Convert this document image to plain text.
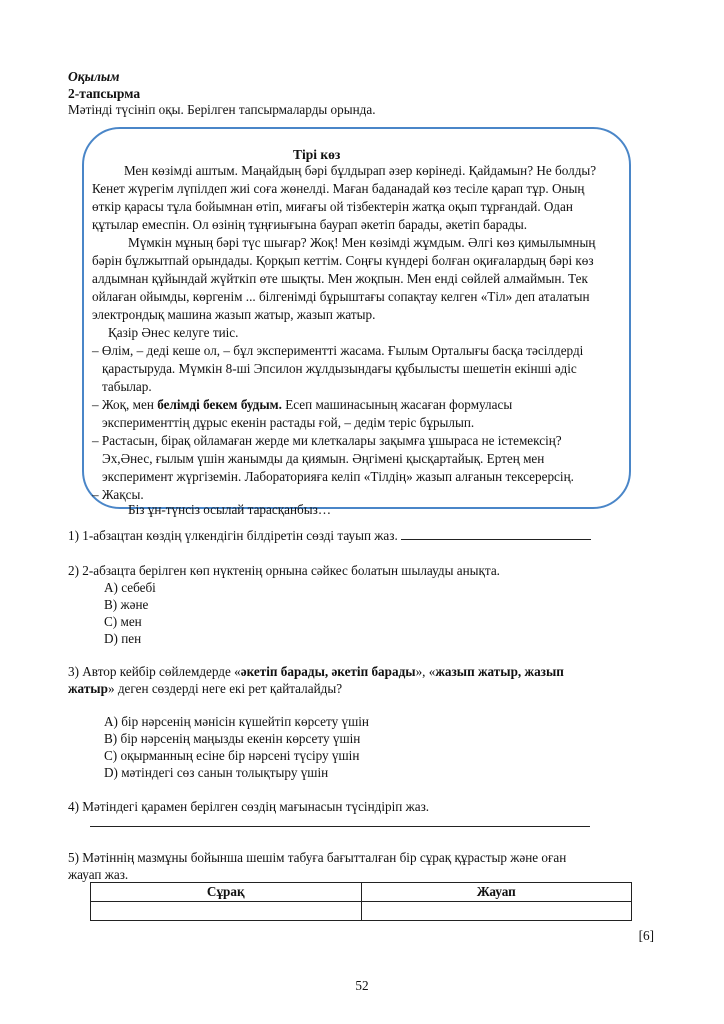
Оқылым
2-тапсырма
Мәтінді түсініп оқы. Берілген тапсырмаларды орында.
Тірі көз
Мен көзімді аштым. Маңайдың бәрі бұлдырап әзер көрінеді. Қайдамын? Не болды?
Кенет жүрегім лүпілдеп жиі соға жөнелді. Маған баданадай көз тесіле қарап тұр. Оның
өткір қарасы тұла бойымнан өтіп, миғағы ой тізбектерін жатқа оқып тұрғандай. Одан
құтылар емеспін. Ол өзінің тұңғиығына баурап әкетіп барады, әкетіп барады.
Мүмкін мұның бәрі түс шығар? Жоқ! Мен көзімді жұмдым. Әлгі көз қимылымның
бәрін бұлжытпай орындады. Қорқып кеттім. Соңғы күндері болған оқиғалардың бәрі көз
алдымнан құйындай жүйткіп өте шықты. Мен жоқпын. Мен енді сөйлей алмаймын. Тек
ойлаған ойымды, көргенім ... білгенімді бұрыштағы сопақтау келген «Тіл» деп аталатын
электрондық машина жазып жатыр, жазып жатыр.
Қазір Әнес келуге тиіс.
– Өлім, – деді кеше ол, – бұл экспериментті жасама. Ғылым Орталығы басқа тәсілдерді
қарастыруда. Мүмкін 8-ші Эпсилон жұлдызындағы құбылысты шешетін екінші әдіс
табылар.
– Жоқ, мен белімді бекем будым. Есеп машинасының жасаған формуласы
эксперименттің дұрыс екенін растады ғой, – дедім теріс бұрылып.
– Растасын, бірақ ойламаған жерде ми клеткалары зақымға ұшыраса не істемексің?
Эх,Әнес, ғылым үшін жанымды да қиямын. Әңгімені қысқартайық. Ертең мен
эксперимент жүргіземін. Лабораторияға келіп «Тілдің» жазып алғанын тексерерсің.
– Жақсы.
Біз ұн-түнсіз осылай тарасқанбыз…
1) 1-абзацтан көздің үлкендігін білдіретін сөзді тауып жаз.
2) 2-абзацта берілген көп нүктенің орнына сәйкес болатын шылауды анықта.
A) себебі
B) және
C) мен
D) пен
3) Автор кейбір сөйлемдерде «әкетіп барады, әкетіп барады», «жазып жатыр, жазып
жатыр» деген сөздерді неге екі рет қайталайды?
A) бір нәрсенің мәнісін күшейтіп көрсету үшін
B) бір нәрсенің маңызды екенін көрсету үшін
C) оқырманның есіне бір нәрсені түсіру үшін
D) мәтіндегі сөз санын толықтыру үшін
4) Мәтіндегі қарамен берілген сөздің мағынасын түсіндіріп жаз.
5) Мәтіннің мазмұны бойынша шешім табуға бағытталған бір сұрақ құрастыр және оған
жауап жаз.
Сұрақ	Жауап

[6]
52
